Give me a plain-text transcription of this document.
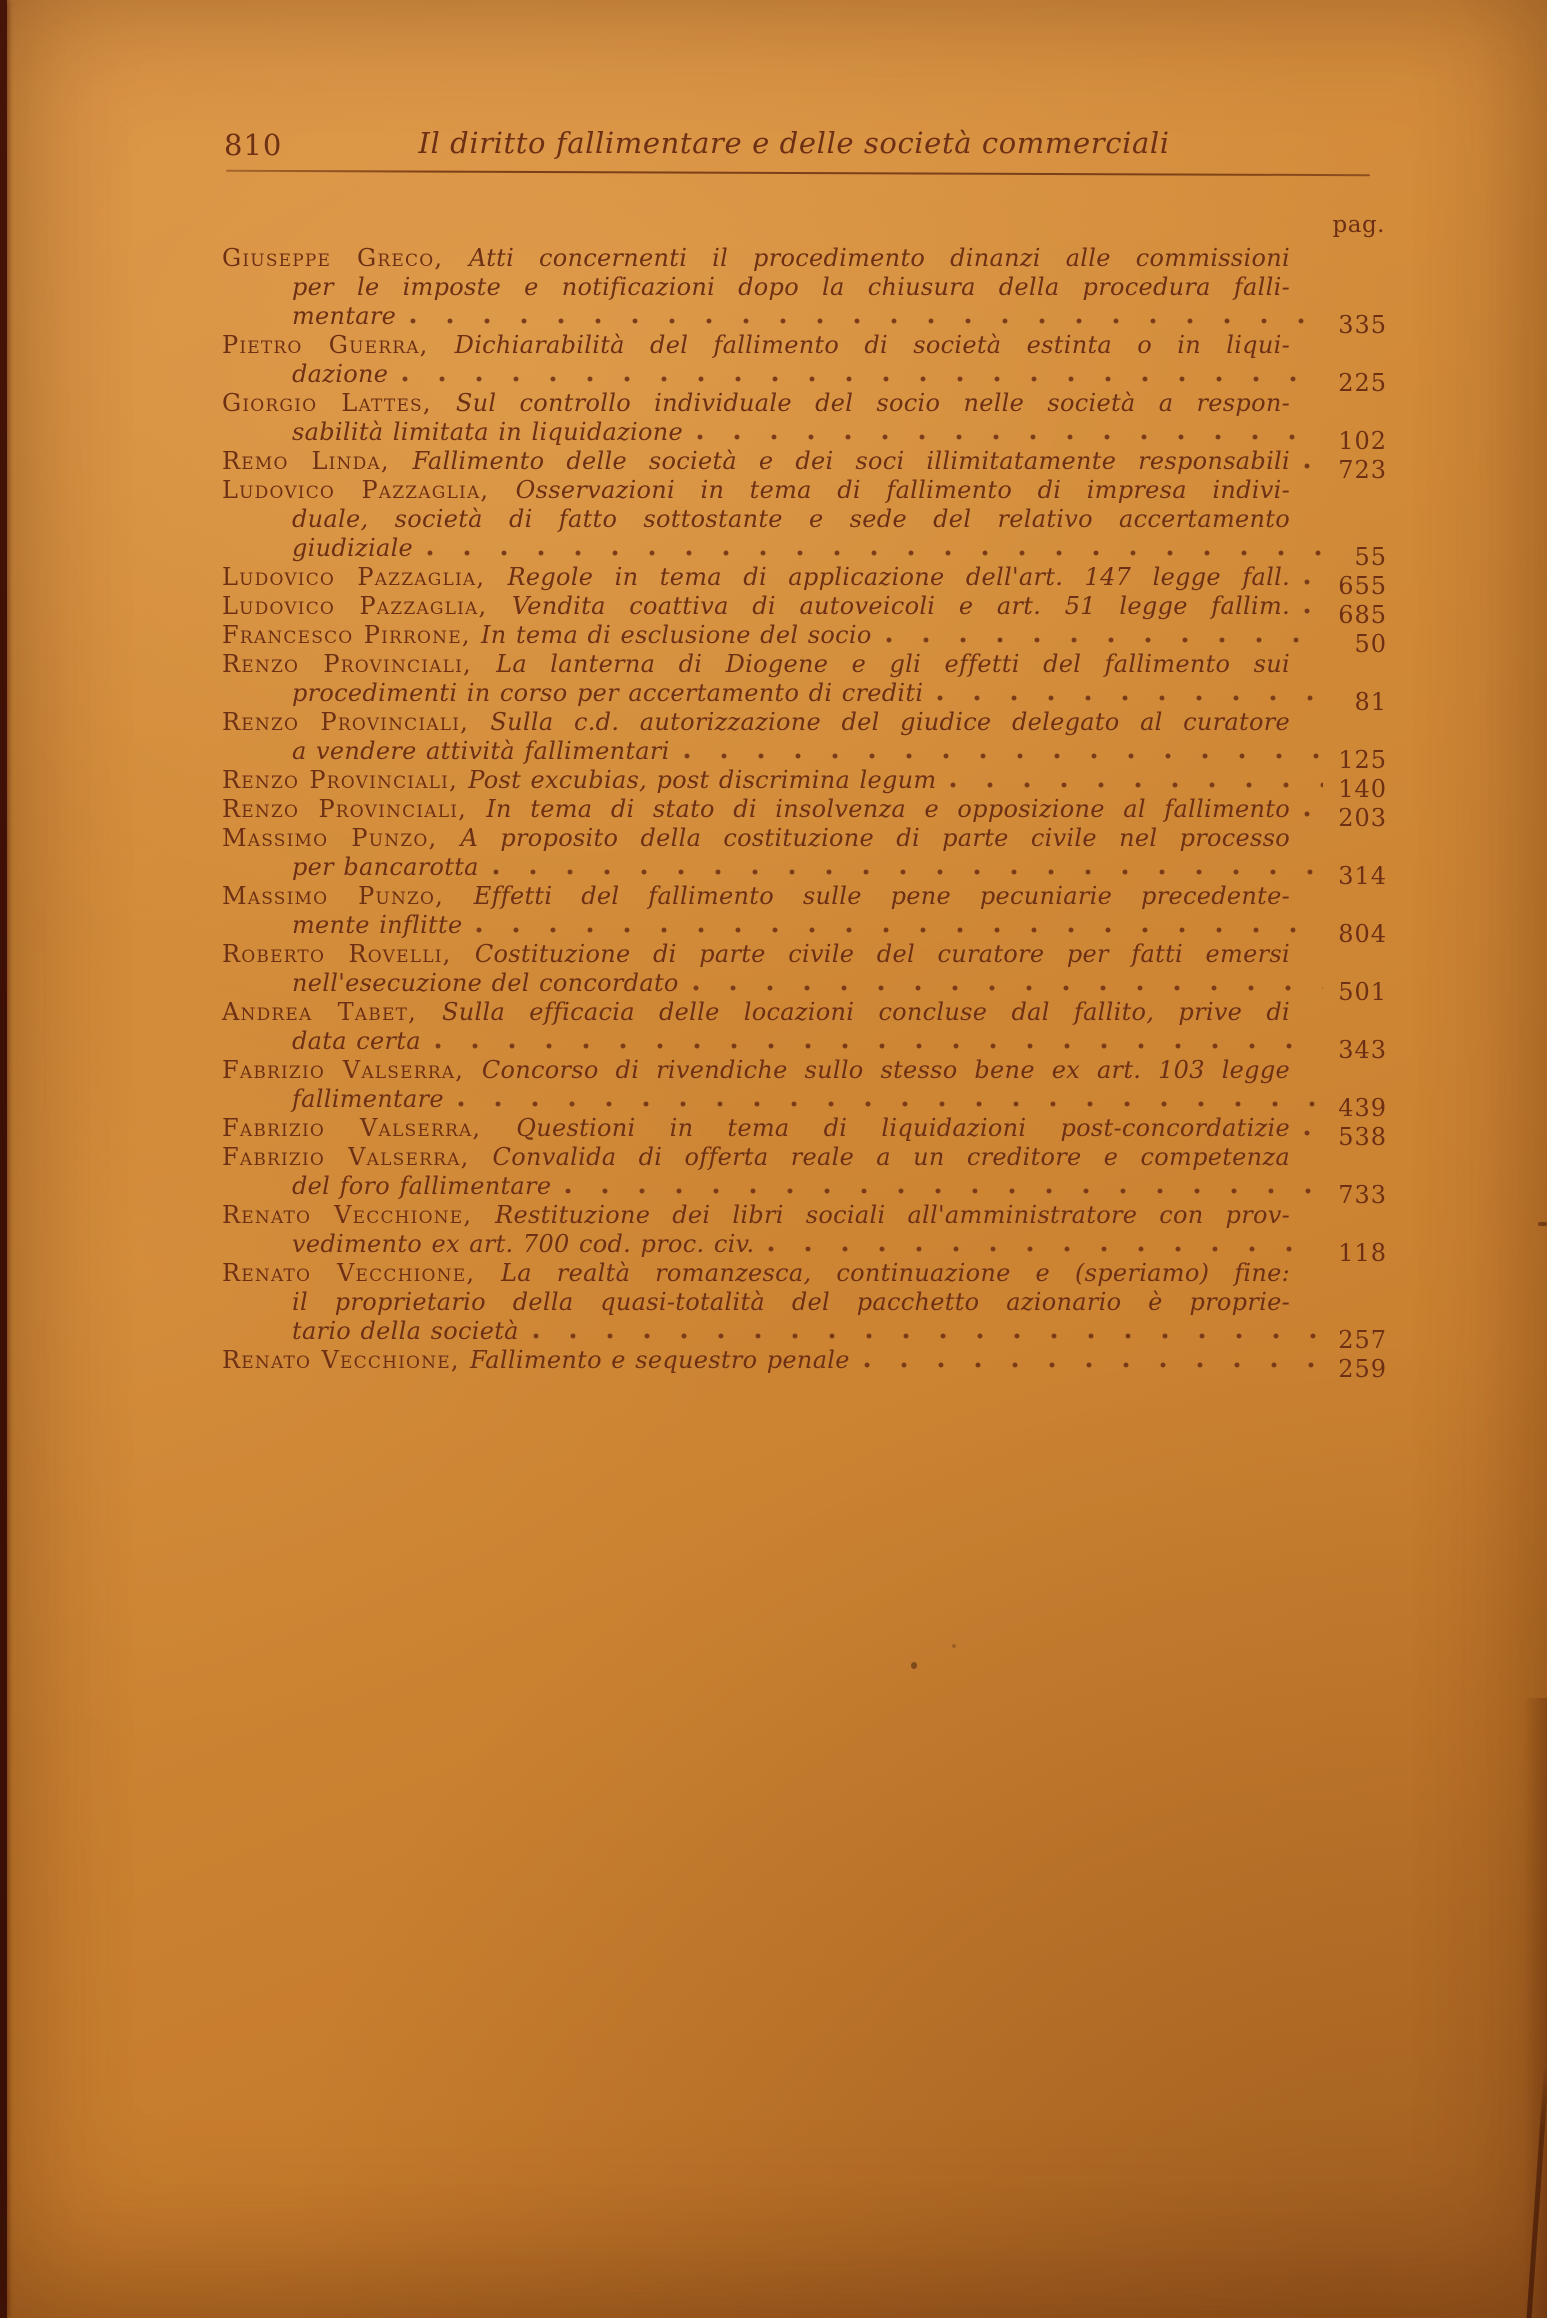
810	Il diritto fallimentare e delle società commerciali
pag.
Giuseppe Greco, Atti concernenti il procedimento dinanzi alle commissioni
per le imposte e notificazioni dopo la chiusura della procedura falli-
mentare	335
Pietro Guerra, Dichiarabilità del fallimento di società estinta o in liqui-
dazione	225
Giorgio Lattes, Sul controllo individuale del socio nelle società a respon-
sabilità limitata in liquidazione	102
Remo Linda, Fallimento delle società e dei soci illimitatamente responsabili 723
Ludovico Pazzaglia, Osservazioni in tema di fallimento di impresa indivi-
duale, società di fatto sottostante e sede del relativo accertamento
giudiziale	55
Ludovico Pazzaglia, Regole in tema di applicazione dell'art. 147 legge fall. 655
Ludovico Pazzaglia, Vendita coattiva di autoveicoli e art. 51 legge fallim. 685
Francesco Pirrone, In tema di esclusione del socio	50
Renzo Provinciali, La lanterna di Diogene e gli effetti del fallimento sui
procedimenti in corso per accertamento di crediti	81
Renzo Provinciali, Sulla c.d. autorizzazione del giudice delegato al curatore
a vendere attività fallimentari	125
Renzo Provinciali, Post excubias, post discrimina legum	140
Renzo Provinciali, In tema di stato di insolvenza e opposizione al fallimento 203
Massimo Punzo, A proposito della costituzione di parte civile nel processo
per bancarotta	314
Massimo Punzo, Effetti del fallimento sulle pene pecuniarie precedente-
mente inflitte	804
Roberto Rovelli, Costituzione di parte civile del curatore per fatti emersi
nell'esecuzione del concordato	501
Andrea Tabet, Sulla efficacia delle locazioni concluse dal fallito, prive di
data certa	343
Fabrizio Valserra, Concorso di rivendiche sullo stesso bene ex art. 103 legge
fallimentare	439
Fabrizio Valserra, Questioni in tema di liquidazioni post-concordatizie 538
Fabrizio Valserra, Convalida di offerta reale a un creditore e competenza
del foro fallimentare	733
Renato Vecchione, Restituzione dei libri sociali all'amministratore con prov-
vedimento ex art. 700 cod. proc. civ.	118
Renato Vecchione, La realtà romanzesca, continuazione e (speriamo) fine:
il proprietario della quasi-totalità del pacchetto azionario è proprie-
tario della società	257
Renato Vecchione, Fallimento e sequestro penale	259
